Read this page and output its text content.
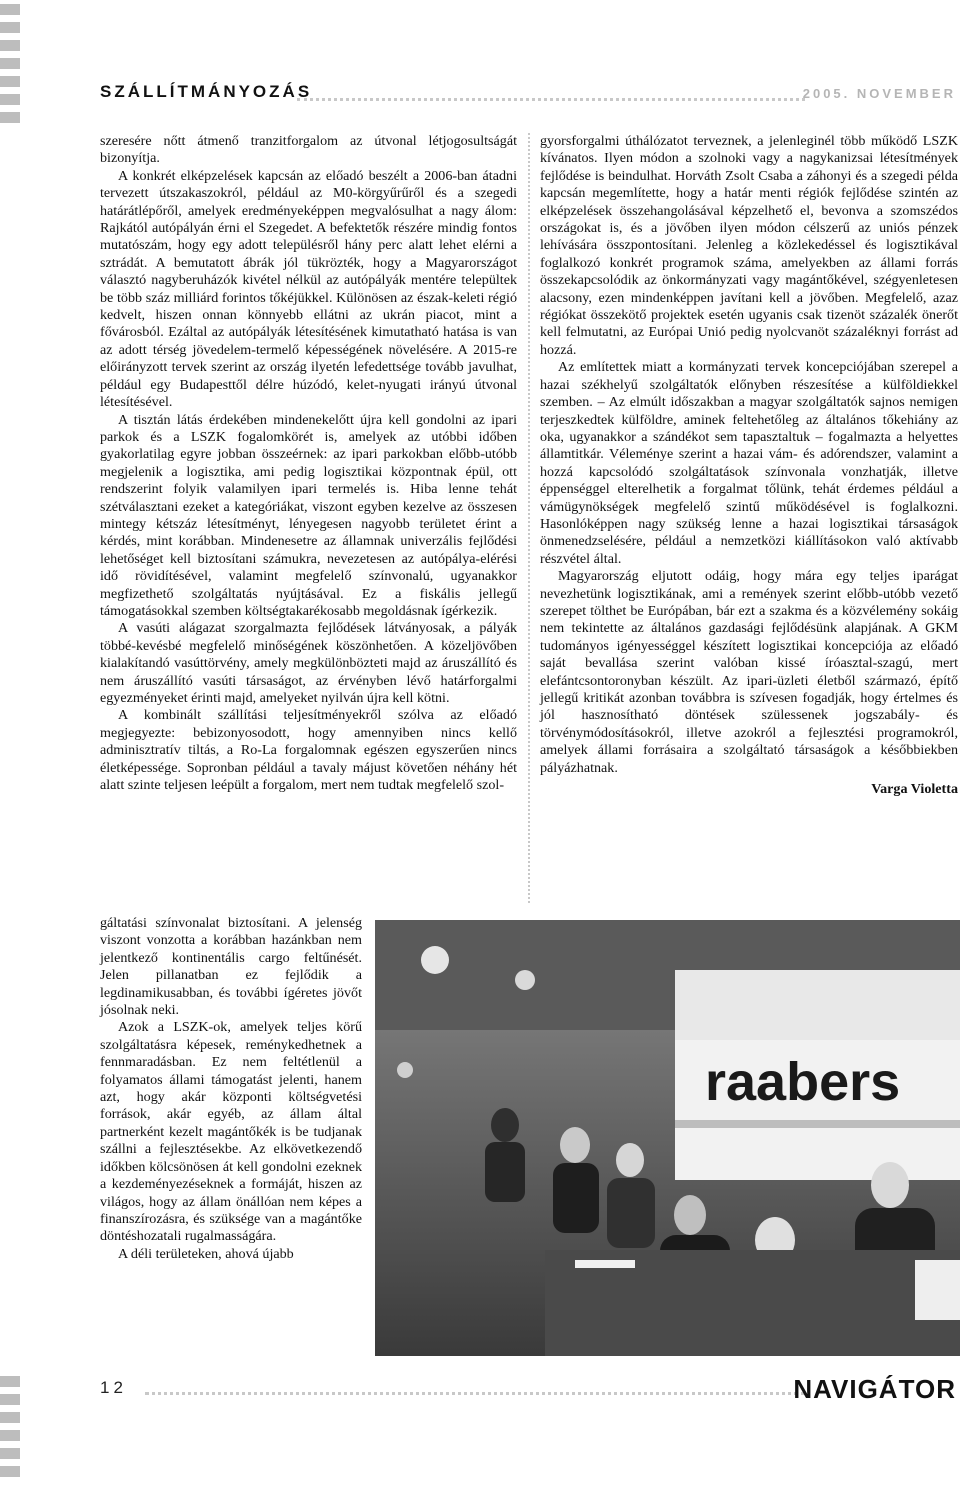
SZÁLLÍTMÁNYOZÁS	2005. NOVEMBER

szeresére nőtt átmenő tranzitforgalom az útvonal létjogosultságát bizonyítja.

A konkrét elképzelések kapcsán az előadó beszélt a 2006-ban átadni tervezett útszakaszokról, például az M0-körgyűrűről és a szegedi határátlépőről, amelyek eredményeképpen megvalósulhat a nagy álom: Rajkától autópályán érni el Szegedet. A befektetők részére mindig fontos mutatószám, hogy egy adott településről hány perc alatt lehet elérni a sztrádát. A bemutatott ábrák jól tükrözték, hogy a Magyarországot választó nagyberuházók kivétel nélkül az autópályák mentére települtek be több száz milliárd forintos tőkéjükkel. Különösen az észak-keleti régió kedvelt, hiszen onnan könnyebb ellátni az ukrán piacot, mint a fővárosból. Ezáltal az autópályák létesítésének kimutatható hatása is van az adott térség jövedelem-termelő képességének növelésére. A 2015-re előirányzott tervek szerint az ország ilyetén lefedettsége tovább javulhat, például egy Budapesttől délre húzódó, kelet-nyugati irányú útvonal létesítésével.

A tisztán látás érdekében mindenekelőtt újra kell gondolni az ipari parkok és a LSZK fogalomkörét is, amelyek az utóbbi időben gyakorlatilag egyre jobban összeérnek: az ipari parkokban előbb-utóbb megjelenik a logisztika, ami pedig logisztikai központnak épül, ott rendszerint folyik valamilyen ipari termelés is. Hiba lenne tehát szétválasztani ezeket a kategóriákat, viszont egyben kezelve az összesen mintegy kétszáz létesítményt, lényegesen nagyobb területet érint a kérdés, mint korábban. Mindenesetre az államnak univerzális fejlődési lehetőséget kell biztosítani számukra, nevezetesen az autópálya-elérési idő rövidítésével, valamint megfelelő színvonalú, ugyanakkor megfizethető szolgáltatás nyújtásával. Ez a fiskális jellegű támogatásokkal szemben költségtakarékosabb megoldásnak ígérkezik.

A vasúti alágazat szorgalmazta fejlődések látványosak, a pályák többé-kevésbé megfelelő minőségének köszönhetően. A közeljövőben kialakítandó vasúttörvény, amely megkülönbözteti majd az áruszállító és nem áruszállító vasúti társaságot, az érvényben lévő határforgalmi egyezményeket érinti majd, amelyeket nyilván újra kell kötni.

A kombinált szállítási teljesítményekről szólva az előadó megjegyezte: bebizonyosodott, hogy amennyiben nincs kellő adminisztratív tiltás, a Ro-La forgalomnak egészen egyszerűen nincs életképessége. Sopronban például a tavaly májust követően néhány hét alatt szinte teljesen leépült a forgalom, mert nem tudtak megfelelő szol-

gáltatási színvonalat biztosítani. A jelenség viszont vonzotta a korábban hazánkban nem jelentkező kontinentális cargo feltűnését. Jelen pillanatban ez fejlődik a legdinamikusabban, és további ígéretes jövőt jósolnak neki.

Azok a LSZK-ok, amelyek teljes körű szolgáltatásra képesek, reménykedhetnek a fennmaradásban. Ez nem feltétlenül a folyamatos állami támogatást jelenti, hanem azt, hogy akár központi költségvetési források, akár egyéb, az állam által partnerként kezelt magántőkék is be tudjanak szállni a fejlesztésekbe. Az elkövetkezendő időkben kölcsönösen át kell gondolni ezeknek a kezdeményezéseknek a formáját, hiszen az világos, hogy az állam önállóan nem képes a finanszírozásra, és szüksége van a magántőke döntéshozatali rugalmasságára.

A déli területeken, ahová újabb

gyorsforgalmi úthálózatot terveznek, a jelenleginél több működő LSZK kívánatos. Ilyen módon a szolnoki vagy a nagykanizsai létesítmények fejlődése is beindulhat. Horváth Zsolt Csaba a záhonyi és a szegedi példa kapcsán megemlítette, hogy a határ menti régiók fejlődése szintén az elképzelések összehangolásával képzelhető el, bevonva a szomszédos országokat is, és a jövőben ilyen módon célszerű az uniós pénzek lehívására összpontosítani. Jelenleg a közlekedéssel és logisztikával foglalkozó konkrét programok száma, amelyekben az állami forrás összekapcsolódik az önkormányzati vagy magántőkével, szégyenletesen alacsony, ezen mindenképpen javítani kell a jövőben. Megfelelő, azaz régiókat összekötő projektek esetén ugyanis csak tizenöt százalék önerőt kell felmutatni, az Európai Unió pedig nyolcvanöt százaléknyi forrást ad hozzá.

Az említettek miatt a kormányzati tervek koncepciójában szerepel a hazai székhelyű szolgáltatók előnyben részesítése a külföldiekkel szemben. – Az elmúlt időszakban a magyar szolgáltatók sajnos nemigen terjeszkedtek külföldre, aminek feltehetőleg az általános tőkehiány az oka, ugyanakkor a szándékot sem tapasztaltuk – fogalmazta a helyettes államtitkár. Véleménye szerint a hazai vám- és adórendszer, valamint a hozzá kapcsolódó szolgáltatások színvonala vonzhatják, illetve éppenséggel elterelhetik a forgalmat tőlünk, tehát érdemes például a vámügynökségek megfelelő szintű működésével is foglalkozni. Hasonlóképpen nagy szükség lenne a hazai logisztikai társaságok önmenedzselésére, például a nemzetközi kiállításokon való aktívabb részvétel által.

Magyarország eljutott odáig, hogy mára egy teljes iparágat nevezhetünk logisztikának, ami a remények szerint előbb-utóbb vezető szerepet tölthet be Európában, bár ezt a szakma és a közvélemény sokáig nem tekintette az általános gazdasági fejlődésünk alapjának. A GKM tudományos igényességgel készített logisztikai koncepciója az előadó saját bevallása szerint valóban kissé íróasztal-szagú, mert elefántcsontoronyban készült. Az ipari-üzleti életből származó, építő jellegű kritikát azonban továbbra is szívesen fogadják, hogy értelmes és jól hasznosítható döntések szülessenek jogszabály- és törvénymódosításokról, illetve azokról a fejlesztési programokról, amelyek állami forrásaira a szolgáltató társaságok a későbbiekben pályázhatnak.

Varga Violetta
raabers
12	NAVIGÁTOR
